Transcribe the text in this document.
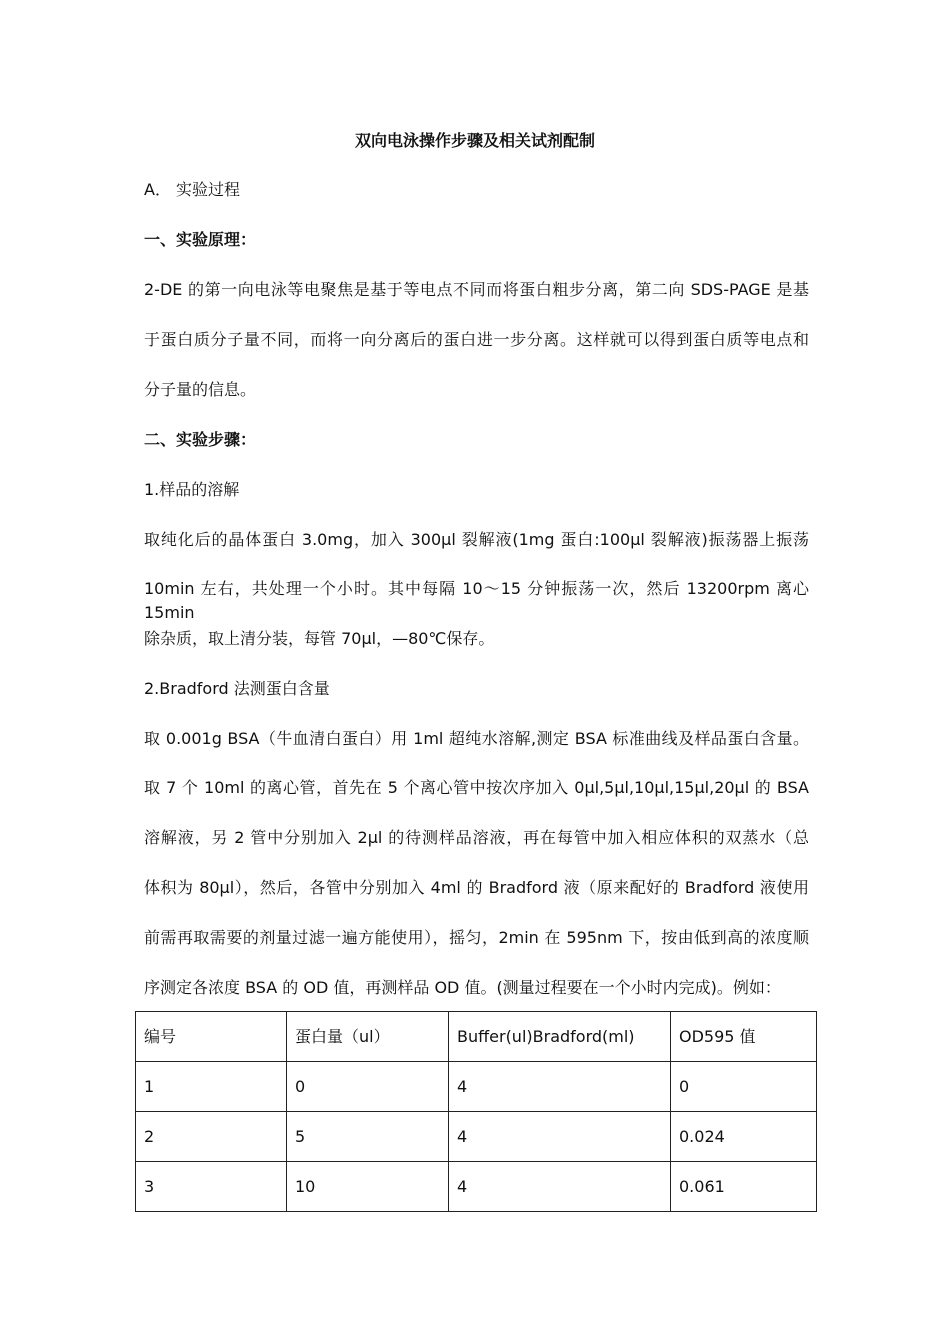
双向电泳操作步骤及相关试剂配制
A． 实验过程
一、实验原理：
2-DE 的第一向电泳等电聚焦是基于等电点不同而将蛋白粗步分离，第二向 SDS-PAGE 是基
于蛋白质分子量不同，而将一向分离后的蛋白进一步分离。这样就可以得到蛋白质等电点和
分子量的信息。
二、实验步骤：
1.样品的溶解
取纯化后的晶体蛋白 3.0mg，加入 300μl 裂解液(1mg 蛋白:100μl 裂解液)振荡器上振荡
10min 左右，共处理一个小时。其中每隔 10～15 分钟振荡一次，然后 13200rpm 离心 15min
除杂质，取上清分装，每管 70μl，—80℃保存。
2.Bradford 法测蛋白含量
取 0.001g BSA（牛血清白蛋白）用 1ml 超纯水溶解,测定 BSA 标准曲线及样品蛋白含量。
取 7 个 10ml 的离心管，首先在 5 个离心管中按次序加入 0μl,5μl,10μl,15μl,20μl 的 BSA
溶解液，另 2 管中分别加入 2μl 的待测样品溶液，再在每管中加入相应体积的双蒸水（总
体积为 80μl），然后，各管中分别加入 4ml 的 Bradford 液（原来配好的 Bradford 液使用
前需再取需要的剂量过滤一遍方能使用），摇匀，2min 在 595nm 下，按由低到高的浓度顺
序测定各浓度 BSA 的 OD 值，再测样品 OD 值。(测量过程要在一个小时内完成)。例如：
编号	蛋白量（ul）	Buffer(ul)Bradford(ml)	OD595 值
1	0	4	0
2	5	4	0.024
3	10	4	0.061
